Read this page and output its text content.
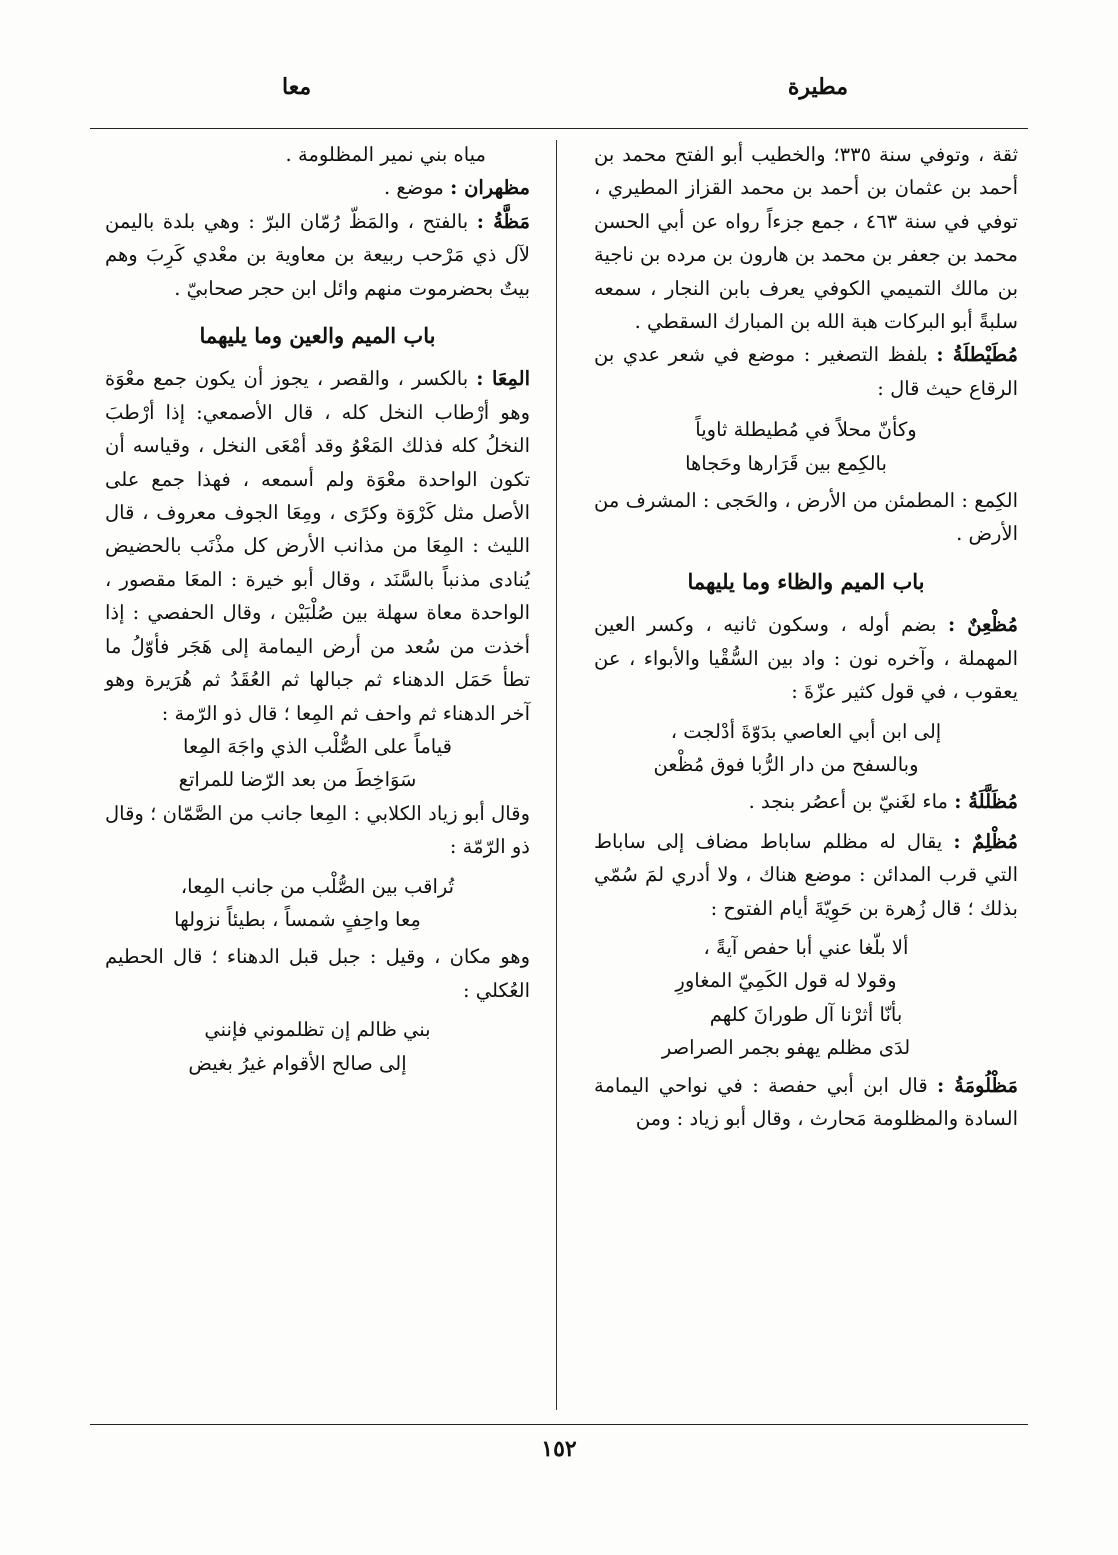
مطيرة
معا

ثقة ، وتوفي سنة ٣٣٥؛ والخطيب أبو الفتح محمد بن أحمد بن عثمان بن أحمد بن محمد القزاز المطيري ، توفي في سنة ٤٦٣ ، جمع جزءاً رواه عن أبي الحسن محمد بن جعفر بن محمد بن هارون بن مرده بن ناجية بن مالك التميمي الكوفي يعرف بابن النجار ، سمعه سلبةً أبو البركات هبة الله بن المبارك السقطي .

مُطَيْطلَةُ : بلفظ التصغير : موضع في شعر عدي بن الرقاع حيث قال :

وكأنّ محلاً في مُطيطلة ثاوياً
بالكِمع بين قَرَارها وحَجاها

الكِمع : المطمئن من الأرض ، والحَجى : المشرف من الأرض .

باب الميم والظاء وما يليهما

مُظْعِنٌ : بضم أوله ، وسكون ثانيه ، وكسر العين المهملة ، وآخره نون : واد بين السُّقْيا والأبواء ، عن يعقوب ، في قول كثير عزّةَ :

إلى ابن أبي العاصي بدَوّةَ أدْلجت ،
وبالسفح من دار الرُّبا فوق مُظْعن

مُظَلَّلَةُ : ماء لغَنيّ بن أعصُر بنجد .

مُظْلِمٌ : يقال له مظلم ساباط مضاف إلى ساباط التي قرب المدائن : موضع هناك ، ولا أدري لمَ سُمّي بذلك ؛ قال زُهرة بن حَوِيّةَ أيام الفتوح :

ألا بلّغا عني أبا حفص آيةً ،
وقولا له قول الكَمِيّ المغاورِ
بأنّا أثرْنا آل طورانَ كلهم
لدَى مظلم يهفو بجمر الصراصر

مَظْلُومَةُ : قال ابن أبي حفصة : في نواحي اليمامة السادة والمظلومة مَحارث ، وقال أبو زياد : ومن

مياه بني نمير المظلومة .

مظهران : موضع .

مَظَّةُ : بالفتح ، والمَظّ رُمّان البرّ : وهي بلدة باليمن لآل ذي مَرْحب ربيعة بن معاوية بن معْدي كَرِبَ وهم بيتٌ بحضرموت منهم وائل ابن حجر صحابيّ .

باب الميم والعين وما يليهما

المِعَا : بالكسر ، والقصر ، يجوز أن يكون جمع معْوَة وهو أرْطاب النخل كله ، قال الأصمعي: إذا أرْطبَ النخلُ كله فذلك المَعْوُ وقد أمْعَى النخل ، وقياسه أن تكون الواحدة معْوَة ولم أسمعه ، فهذا جمع على الأصل مثل كَرْوَة وكرًى ، ومِعَا الجوف معروف ، قال الليث : المِعَا من مذانب الأرض كل مذْنَب بالحضيض يُنادى مذنباً بالسَّنَد ، وقال أبو خيرة : المعَا مقصور ، الواحدة معاة سهلة بين صُلْبَيْن ، وقال الحفصي : إذا أخذت من سُعد من أرض اليمامة إلى هَجَر فأوّلُ ما تطأ حَمَل الدهناء ثم جبالها ثم العُقَدُ ثم هُرَيرة وهو آخر الدهناء ثم واحف ثم المِعا ؛ قال ذو الرّمة :

قياماً على الصُّلْب الذي واجَهَ المِعا
سَوَاخِطَ من بعد الرّضا للمراتع

وقال أبو زياد الكلابي : المِعا جانب من الصَّمّان ؛ وقال ذو الرّمّة :

تُراقب بين الصُّلْب من جانب المِعا،
مِعا واحِفٍ شمساً ، بطيئاً نزولها

وهو مكان ، وقيل : جبل قبل الدهناء ؛ قال الحطيم العُكلي :

بني ظالم إن تظلموني فإنني
إلى صالح الأقوام غيرُ بغيض
١٥٢
